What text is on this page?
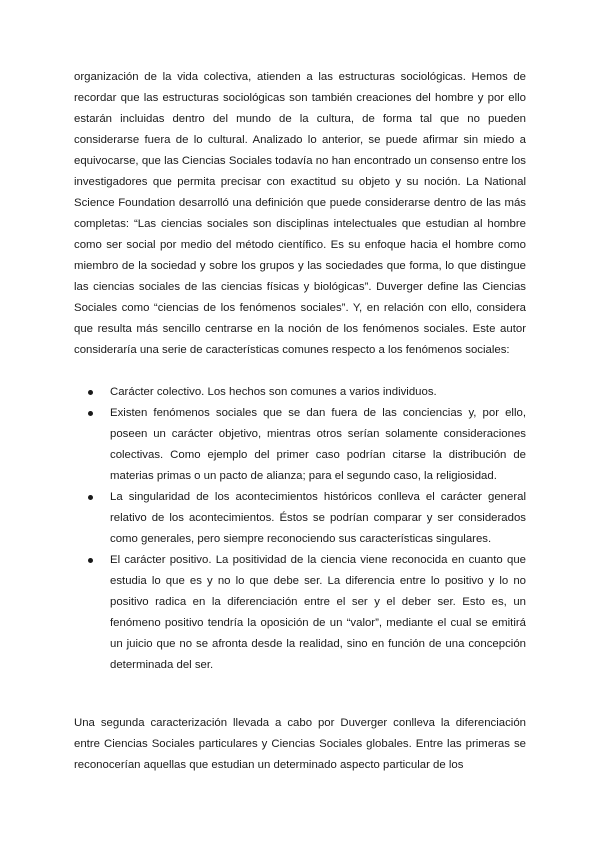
organización de la vida colectiva, atienden a las estructuras sociológicas. Hemos de recordar que las estructuras sociológicas son también creaciones del hombre y por ello estarán incluidas dentro del mundo de la cultura, de forma tal que no pueden considerarse fuera de lo cultural. Analizado lo anterior, se puede afirmar sin miedo a equivocarse, que las Ciencias Sociales todavía no han encontrado un consenso entre los investigadores que permita precisar con exactitud su objeto y su noción. La National Science Foundation desarrolló una definición que puede considerarse dentro de las más completas: “Las ciencias sociales son disciplinas intelectuales que estudian al hombre como ser social por medio del método científico. Es su enfoque hacia el hombre como miembro de la sociedad y sobre los grupos y las sociedades que forma, lo que distingue las ciencias sociales de las ciencias físicas y biológicas”. Duverger define las Ciencias Sociales como “ciencias de los fenómenos sociales”. Y, en relación con ello, considera que resulta más sencillo centrarse en la noción de los fenómenos sociales. Este autor consideraría una serie de características comunes respecto a los fenómenos sociales:

Carácter colectivo. Los hechos son comunes a varios individuos.
Existen fenómenos sociales que se dan fuera de las conciencias y, por ello, poseen un carácter objetivo, mientras otros serían solamente consideraciones colectivas. Como ejemplo del primer caso podrían citarse la distribución de materias primas o un pacto de alianza; para el segundo caso, la religiosidad.
La singularidad de los acontecimientos históricos conlleva el carácter general relativo de los acontecimientos. Éstos se podrían comparar y ser considerados como generales, pero siempre reconociendo sus características singulares.
El carácter positivo. La positividad de la ciencia viene reconocida en cuanto que estudia lo que es y no lo que debe ser. La diferencia entre lo positivo y lo no positivo radica en la diferenciación entre el ser y el deber ser. Esto es, un fenómeno positivo tendría la oposición de un “valor”, mediante el cual se emitirá un juicio que no se afronta desde la realidad, sino en función de una concepción determinada del ser.

Una segunda caracterización llevada a cabo por Duverger conlleva la diferenciación entre Ciencias Sociales particulares y Ciencias Sociales globales. Entre las primeras se reconocerían aquellas que estudian un determinado aspecto particular de los
